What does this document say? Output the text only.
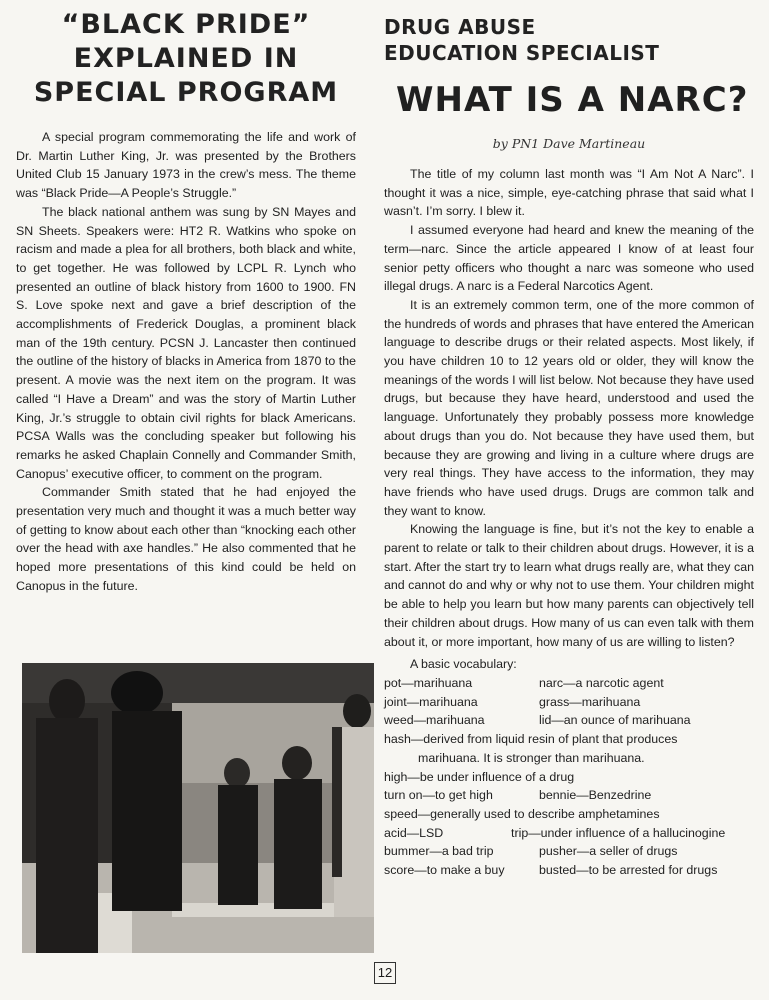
“BLACK PRIDE”
EXPLAINED IN
SPECIAL PROGRAM

A special program commemorating the life and work of Dr. Martin Luther King, Jr. was presented by the Brothers United Club 15 January 1973 in the crew’s mess. The theme was “Black Pride—A People’s Struggle.”

The black national anthem was sung by SN Mayes and SN Sheets. Speakers were: HT2 R. Watkins who spoke on racism and made a plea for all brothers, both black and white, to get together. He was followed by LCPL R. Lynch who presented an outline of black history from 1600 to 1900. FN S. Love spoke next and gave a brief description of the accomplishments of Frederick Douglas, a prominent black man of the 19th century. PCSN J. Lancaster then continued the outline of the history of blacks in America from 1870 to the present. A movie was the next item on the program. It was called “I Have a Dream” and was the story of Martin Luther King, Jr.’s struggle to obtain civil rights for black Americans. PCSA Walls was the concluding speaker but following his remarks he asked Chaplain Connelly and Commander Smith, Canopus’ executive officer, to comment on the program.

Commander Smith stated that he had enjoyed the presentation very much and thought it was a much better way of getting to know about each other than “knocking each other over the head with axe handles.” He also commented that he hoped more presentations of this kind could be held on Canopus in the future.

DRUG ABUSE
EDUCATION SPECIALIST
WHAT IS A NARC?
by PN1 Dave Martineau

The title of my column last month was “I Am Not A Narc”. I thought it was a nice, simple, eye-catching phrase that said what I wasn’t. I’m sorry. I blew it.

I assumed everyone had heard and knew the meaning of the term—narc. Since the article appeared I know of at least four senior petty officers who thought a narc was someone who used illegal drugs. A narc is a Federal Narcotics Agent.

It is an extremely common term, one of the more common of the hundreds of words and phrases that have entered the American language to describe drugs or their related aspects. Most likely, if you have children 10 to 12 years old or older, they will know the meanings of the words I will list below. Not because they have used drugs, but because they have heard, understood and used the language. Unfortunately they probably possess more knowledge about drugs than you do. Not because they have used them, but because they are growing and living in a culture where drugs are very real things. They have access to the information, they may have friends who have used drugs. Drugs are common talk and they want to know.

Knowing the language is fine, but it’s not the key to enable a parent to relate or talk to their children about drugs. However, it is a start. After the start try to learn what drugs really are, what they can and cannot do and why or why not to use them. Your children might be able to help you learn but how many parents can objectively tell their children about drugs. How many of us can even talk with them about it, or more important, how many of us are willing to listen?

A basic vocabulary:
pot—marihuana	narc—a narcotic agent
joint—marihuana	grass—marihuana
weed—marihuana	lid—an ounce of marihuana
hash—derived from liquid resin of plant that produces
marihuana. It is stronger than marihuana.
high—be under influence of a drug
turn on—to get high	bennie—Benzedrine
speed—generally used to describe amphetamines
acid—LSD	trip—under influence of a hallucinogine
bummer—a bad trip	pusher—a seller of drugs
score—to make a buy	busted—to be arrested for drugs
12
